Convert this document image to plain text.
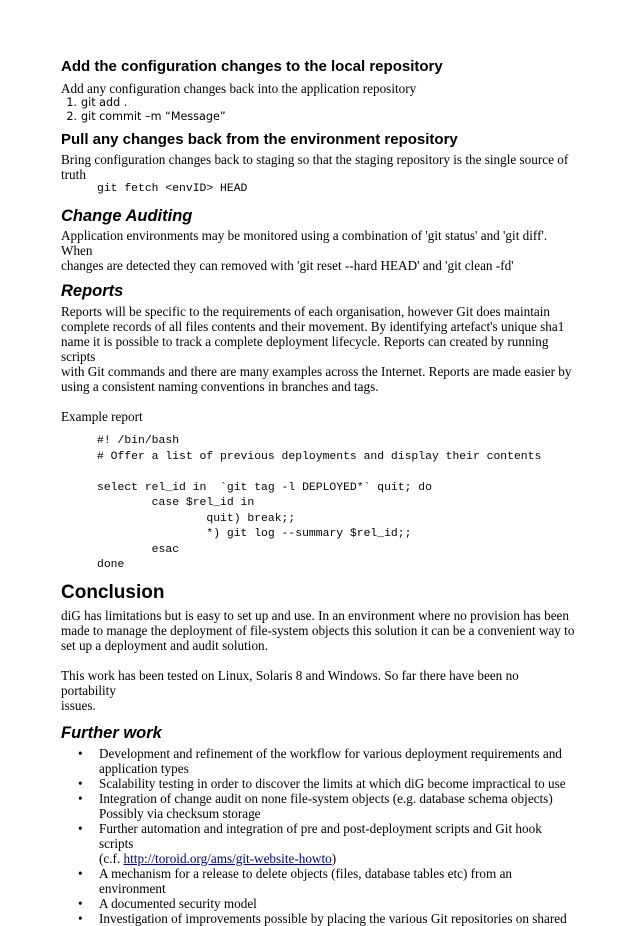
Add the configuration changes to the local repository

Add any configuration changes back into the application repository

1. git add .
2. git commit –m “Message”
Pull any changes back from the environment repository

Bring configuration changes back to staging so that the staging repository is the single source of

truth

git fetch <envID> HEAD
Change Auditing

Application environments may be monitored using a combination of 'git status' and 'git diff'. When

changes are detected they can removed with 'git reset --hard HEAD' and 'git clean -fd'

Reports

Reports will be specific to the requirements of each organisation, however Git does maintain

complete records of all files contents and their movement. By identifying artefact's unique sha1

name it is possible to track a complete deployment lifecycle. Reports can created by running scripts

with Git commands and there are many examples across the Internet. Reports are made easier by

using a consistent naming conventions in branches and tags.

Example report

#! /bin/bash
# Offer a list of previous deployments and display their contents
select rel_id in  `git tag -l DEPLOYED*` quit; do
case $rel_id in
quit) break;;
*) git log --summary $rel_id;;
esac
done
Conclusion

diG has limitations but is easy to set up and use. In an environment where no provision has been

made to manage the deployment of file-system objects this solution it can be a convenient way to

set up a deployment and audit solution.

This work has been tested on Linux, Solaris 8 and Windows. So far there have been no portability

issues.

Further work
• Development and refinement of the workflow for various deployment requirements and
application types
• Scalability testing in order to discover the limits at which diG become impractical to use
• Integration of change audit on none file-system objects (e.g. database schema objects)
Possibly via checksum storage
• Further automation and integration of pre and post-deployment scripts and Git hook scripts
(c.f. http://toroid.org/ams/git-website-howto)
• A mechanism for a release to delete objects (files, database tables etc) from an environment
• A documented security model
• Investigation of improvements possible by placing the various Git repositories on shared
